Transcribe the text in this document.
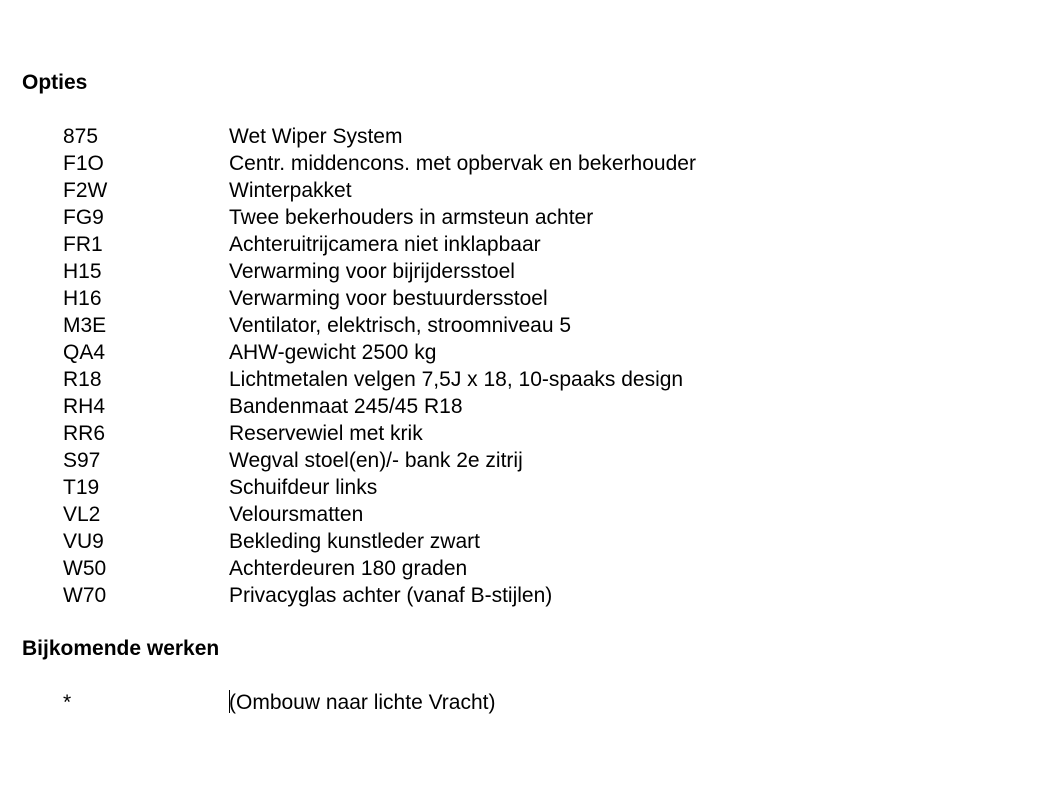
Opties
875	Wet Wiper System
F1O	Centr. middencons. met opbervak en bekerhouder
F2W	Winterpakket
FG9	Twee bekerhouders in armsteun achter
FR1	Achteruitrijcamera niet inklapbaar
H15	Verwarming voor bijrijdersstoel
H16	Verwarming voor bestuurdersstoel
M3E	Ventilator, elektrisch, stroomniveau 5
QA4	AHW-gewicht 2500 kg
R18	Lichtmetalen velgen 7,5J x 18, 10-spaaks design
RH4	Bandenmaat 245/45 R18
RR6	Reservewiel met krik
S97	Wegval stoel(en)/- bank 2e zitrij
T19	Schuifdeur links
VL2	Veloursmatten
VU9	Bekleding kunstleder zwart
W50	Achterdeuren 180 graden
W70	Privacyglas achter (vanaf B-stijlen)
Bijkomende werken
*	(Ombouw naar lichte Vracht)
